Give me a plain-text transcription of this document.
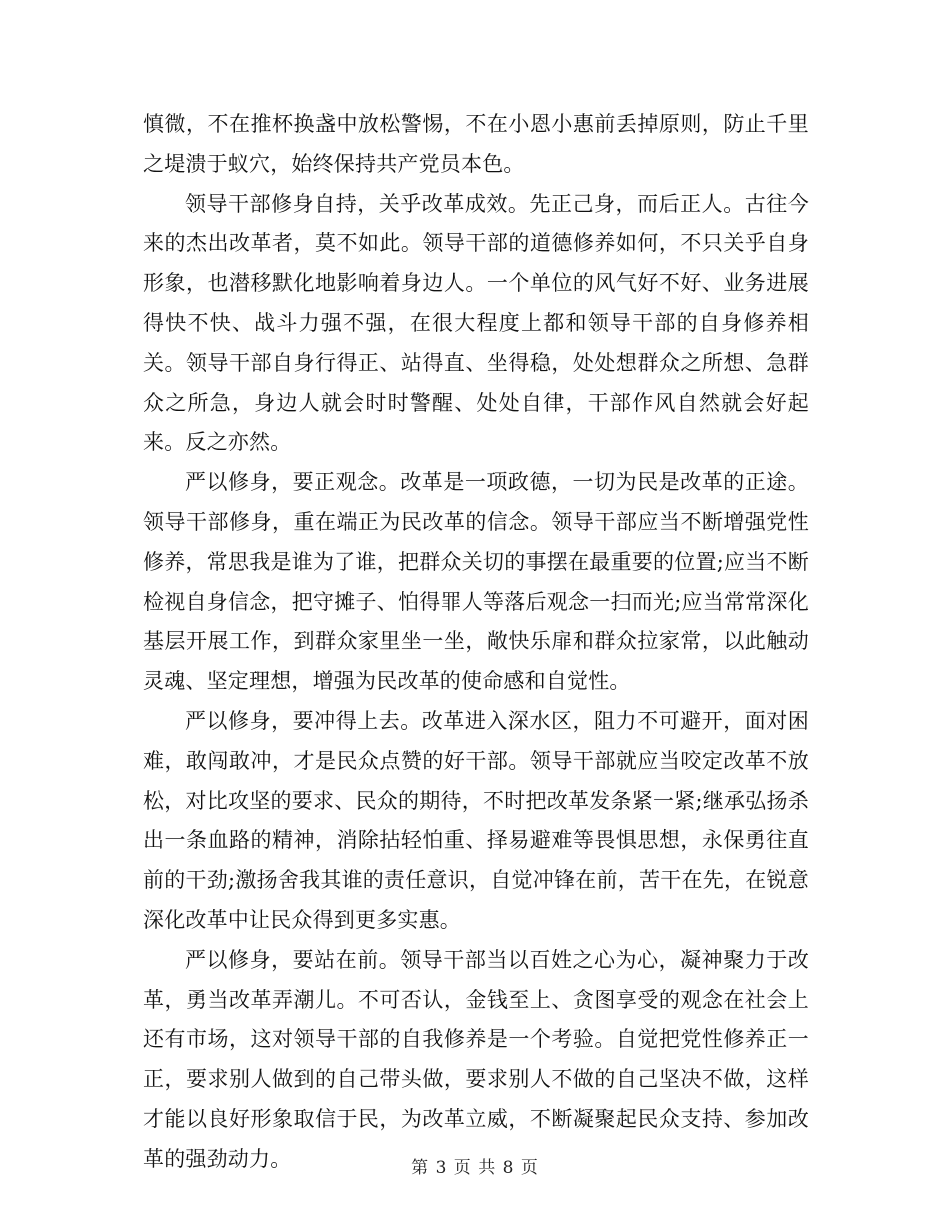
慎微，不在推杯换盏中放松警惕，不在小恩小惠前丢掉原则，防止千里之堤溃于蚁穴，始终保持共产党员本色。

领导干部修身自持，关乎改革成效。先正己身，而后正人。古往今来的杰出改革者，莫不如此。领导干部的道德修养如何，不只关乎自身形象，也潜移默化地影响着身边人。一个单位的风气好不好、业务进展得快不快、战斗力强不强，在很大程度上都和领导干部的自身修养相关。领导干部自身行得正、站得直、坐得稳，处处想群众之所想、急群众之所急，身边人就会时时警醒、处处自律，干部作风自然就会好起来。反之亦然。

严以修身，要正观念。改革是一项政德，一切为民是改革的正途。领导干部修身，重在端正为民改革的信念。领导干部应当不断增强党性修养，常思我是谁为了谁，把群众关切的事摆在最重要的位置;应当不断检视自身信念，把守摊子、怕得罪人等落后观念一扫而光;应当常常深化基层开展工作，到群众家里坐一坐，敞快乐扉和群众拉家常，以此触动灵魂、坚定理想，增强为民改革的使命感和自觉性。

严以修身，要冲得上去。改革进入深水区，阻力不可避开，面对困难，敢闯敢冲，才是民众点赞的好干部。领导干部就应当咬定改革不放松，对比攻坚的要求、民众的期待，不时把改革发条紧一紧;继承弘扬杀出一条血路的精神，消除拈轻怕重、择易避难等畏惧思想，永保勇往直前的干劲;激扬舍我其谁的责任意识，自觉冲锋在前，苦干在先，在锐意深化改革中让民众得到更多实惠。

严以修身，要站在前。领导干部当以百姓之心为心，凝神聚力于改革，勇当改革弄潮儿。不可否认，金钱至上、贪图享受的观念在社会上还有市场，这对领导干部的自我修养是一个考验。自觉把党性修养正一正，要求别人做到的自己带头做，要求别人不做的自己坚决不做，这样才能以良好形象取信于民，为改革立威，不断凝聚起民众支持、参加改革的强劲动力。	第 3 页 共 8 页
